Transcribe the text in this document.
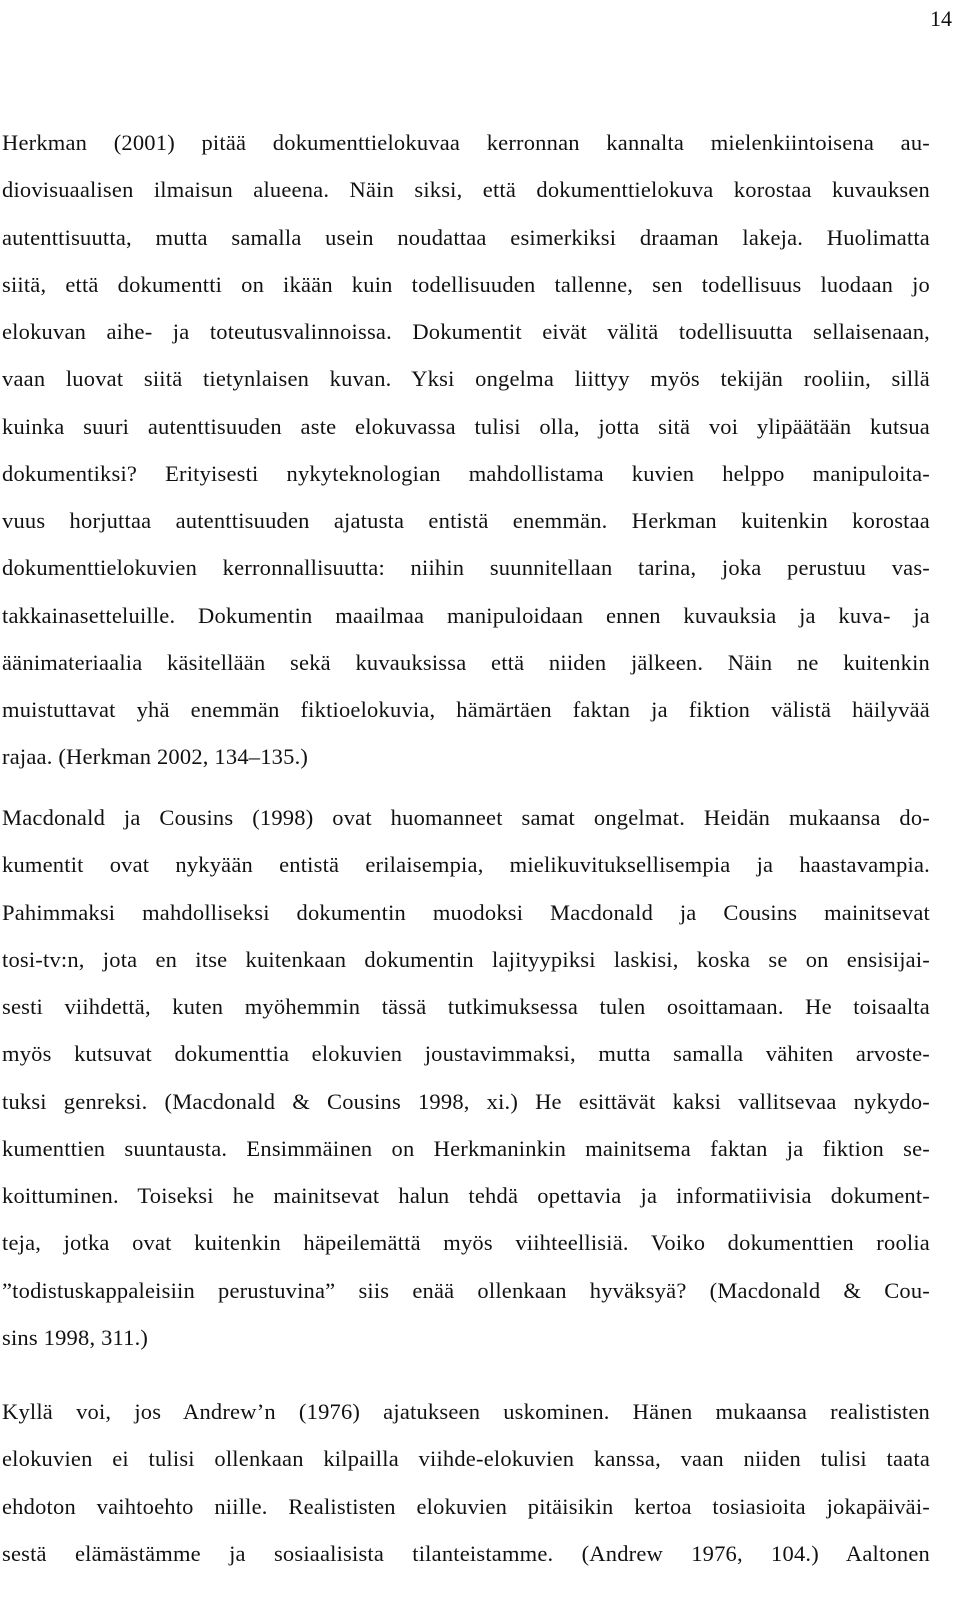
14
Herkman (2001) pitää dokumenttielokuvaa kerronnan kannalta mielenkiintoisena au-
diovisuaalisen ilmaisun alueena. Näin siksi, että dokumenttielokuva korostaa kuvauksen
autenttisuutta, mutta samalla usein noudattaa esimerkiksi draaman lakeja. Huolimatta
siitä, että dokumentti on ikään kuin todellisuuden tallenne, sen todellisuus luodaan jo
elokuvan aihe- ja toteutusvalinnoissa. Dokumentit eivät välitä todellisuutta sellaisenaan,
vaan luovat siitä tietynlaisen kuvan. Yksi ongelma liittyy myös tekijän rooliin, sillä
kuinka suuri autenttisuuden aste elokuvassa tulisi olla, jotta sitä voi ylipäätään kutsua
dokumentiksi? Erityisesti nykyteknologian mahdollistama kuvien helppo manipuloita-
vuus horjuttaa autenttisuuden ajatusta entistä enemmän. Herkman kuitenkin korostaa
dokumenttielokuvien kerronnallisuutta: niihin suunnitellaan tarina, joka perustuu vas-
takkainasetteluille. Dokumentin maailmaa manipuloidaan ennen kuvauksia ja kuva- ja
äänimateriaalia käsitellään sekä kuvauksissa että niiden jälkeen. Näin ne kuitenkin
muistuttavat yhä enemmän fiktioelokuvia, hämärtäen faktan ja fiktion välistä häilyvää
rajaa. (Herkman 2002, 134–135.)
Macdonald ja Cousins (1998) ovat huomanneet samat ongelmat. Heidän mukaansa do-
kumentit ovat nykyään entistä erilaisempia, mielikuvituksellisempia ja haastavampia.
Pahimmaksi mahdolliseksi dokumentin muodoksi Macdonald ja Cousins mainitsevat
tosi-tv:n, jota en itse kuitenkaan dokumentin lajityypiksi laskisi, koska se on ensisijai-
sesti viihdettä, kuten myöhemmin tässä tutkimuksessa tulen osoittamaan. He toisaalta
myös kutsuvat dokumenttia elokuvien joustavimmaksi, mutta samalla vähiten arvoste-
tuksi genreksi. (Macdonald & Cousins 1998, xi.) He esittävät kaksi vallitsevaa nykydo-
kumenttien suuntausta. Ensimmäinen on Herkmaninkin mainitsema faktan ja fiktion se-
koittuminen. Toiseksi he mainitsevat halun tehdä opettavia ja informatiivisia dokument-
teja, jotka ovat kuitenkin häpeilemättä myös viihteellisiä. Voiko dokumenttien roolia
”todistuskappaleisiin perustuvina” siis enää ollenkaan hyväksyä? (Macdonald & Cou-
sins 1998, 311.)
Kyllä voi, jos Andrew’n (1976) ajatukseen uskominen. Hänen mukaansa realististen
elokuvien ei tulisi ollenkaan kilpailla viihde-elokuvien kanssa, vaan niiden tulisi taata
ehdoton vaihtoehto niille. Realististen elokuvien pitäisikin kertoa tosiasioita jokapäiväi-
sestä elämästämme ja sosiaalisista tilanteistamme. (Andrew 1976, 104.) Aaltonen
